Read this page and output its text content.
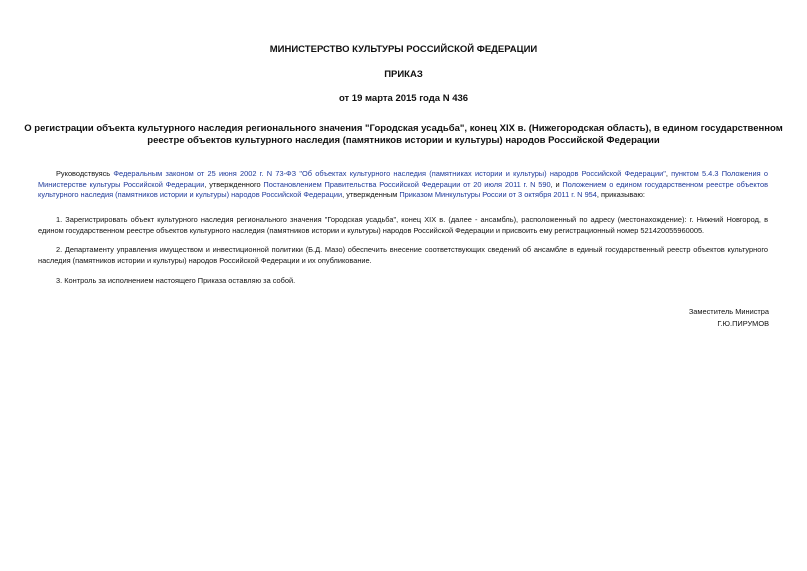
МИНИСТЕРСТВО КУЛЬТУРЫ РОССИЙСКОЙ ФЕДЕРАЦИИ
ПРИКАЗ
от 19 марта 2015 года N 436
О регистрации объекта культурного наследия регионального значения "Городская усадьба", конец XIX в. (Нижегородская область), в едином государственном
реестре объектов культурного наследия (памятников истории и культуры) народов Российской Федерации
Руководствуясь Федеральным законом от 25 июня 2002 г. N 73-ФЗ "Об объектах культурного наследия (памятниках истории и культуры) народов Российской Федерации", пунктом 5.4.3 Положения о Министерстве культуры Российской Федерации, утвержденного Постановлением Правительства Российской Федерации от 20 июля 2011 г. N 590, и Положением о едином государственном реестре объектов культурного наследия (памятников истории и культуры) народов Российской Федерации, утвержденным Приказом Минкультуры России от 3 октября 2011 г. N 954, приказываю:
1. Зарегистрировать объект культурного наследия регионального значения "Городская усадьба", конец XIX в. (далее - ансамбль), расположенный по адресу (местонахождение): г. Нижний Новгород, в едином государственном реестре объектов культурного наследия (памятников истории и культуры) народов Российской Федерации и присвоить ему регистрационный номер 521420055960005.
2. Департаменту управления имуществом и инвестиционной политики (Б.Д. Мазо) обеспечить внесение соответствующих сведений об ансамбле в единый государственный реестр объектов культурного наследия (памятников истории и культуры) народов Российской Федерации и их опубликование.
3. Контроль за исполнением настоящего Приказа оставляю за собой.
Заместитель Министра
Г.Ю.ПИРУМОВ
